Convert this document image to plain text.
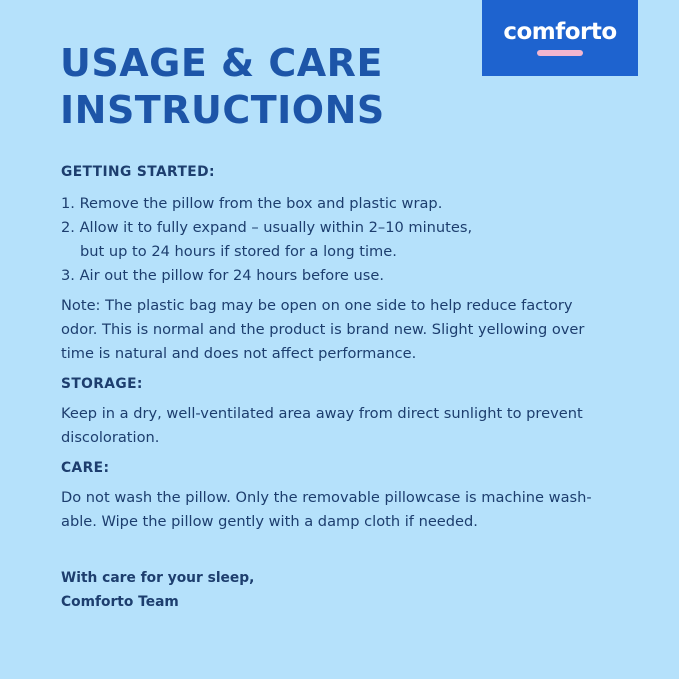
comforto
USAGE & CARE
INSTRUCTIONS
GETTING STARTED:
1. Remove the pillow from the box and plastic wrap.
2. Allow it to fully expand – usually within 2–10 minutes,
but up to 24 hours if stored for a long time.
3. Air out the pillow for 24 hours before use.
Note: The plastic bag may be open on one side to help reduce factory
odor. This is normal and the product is brand new. Slight yellowing over
time is natural and does not affect performance.
STORAGE:
Keep in a dry, well-ventilated area away from direct sunlight to prevent
discoloration.
CARE:
Do not wash the pillow. Only the removable pillowcase is machine wash-
able. Wipe the pillow gently with a damp cloth if needed.
With care for your sleep,
Comforto Team
